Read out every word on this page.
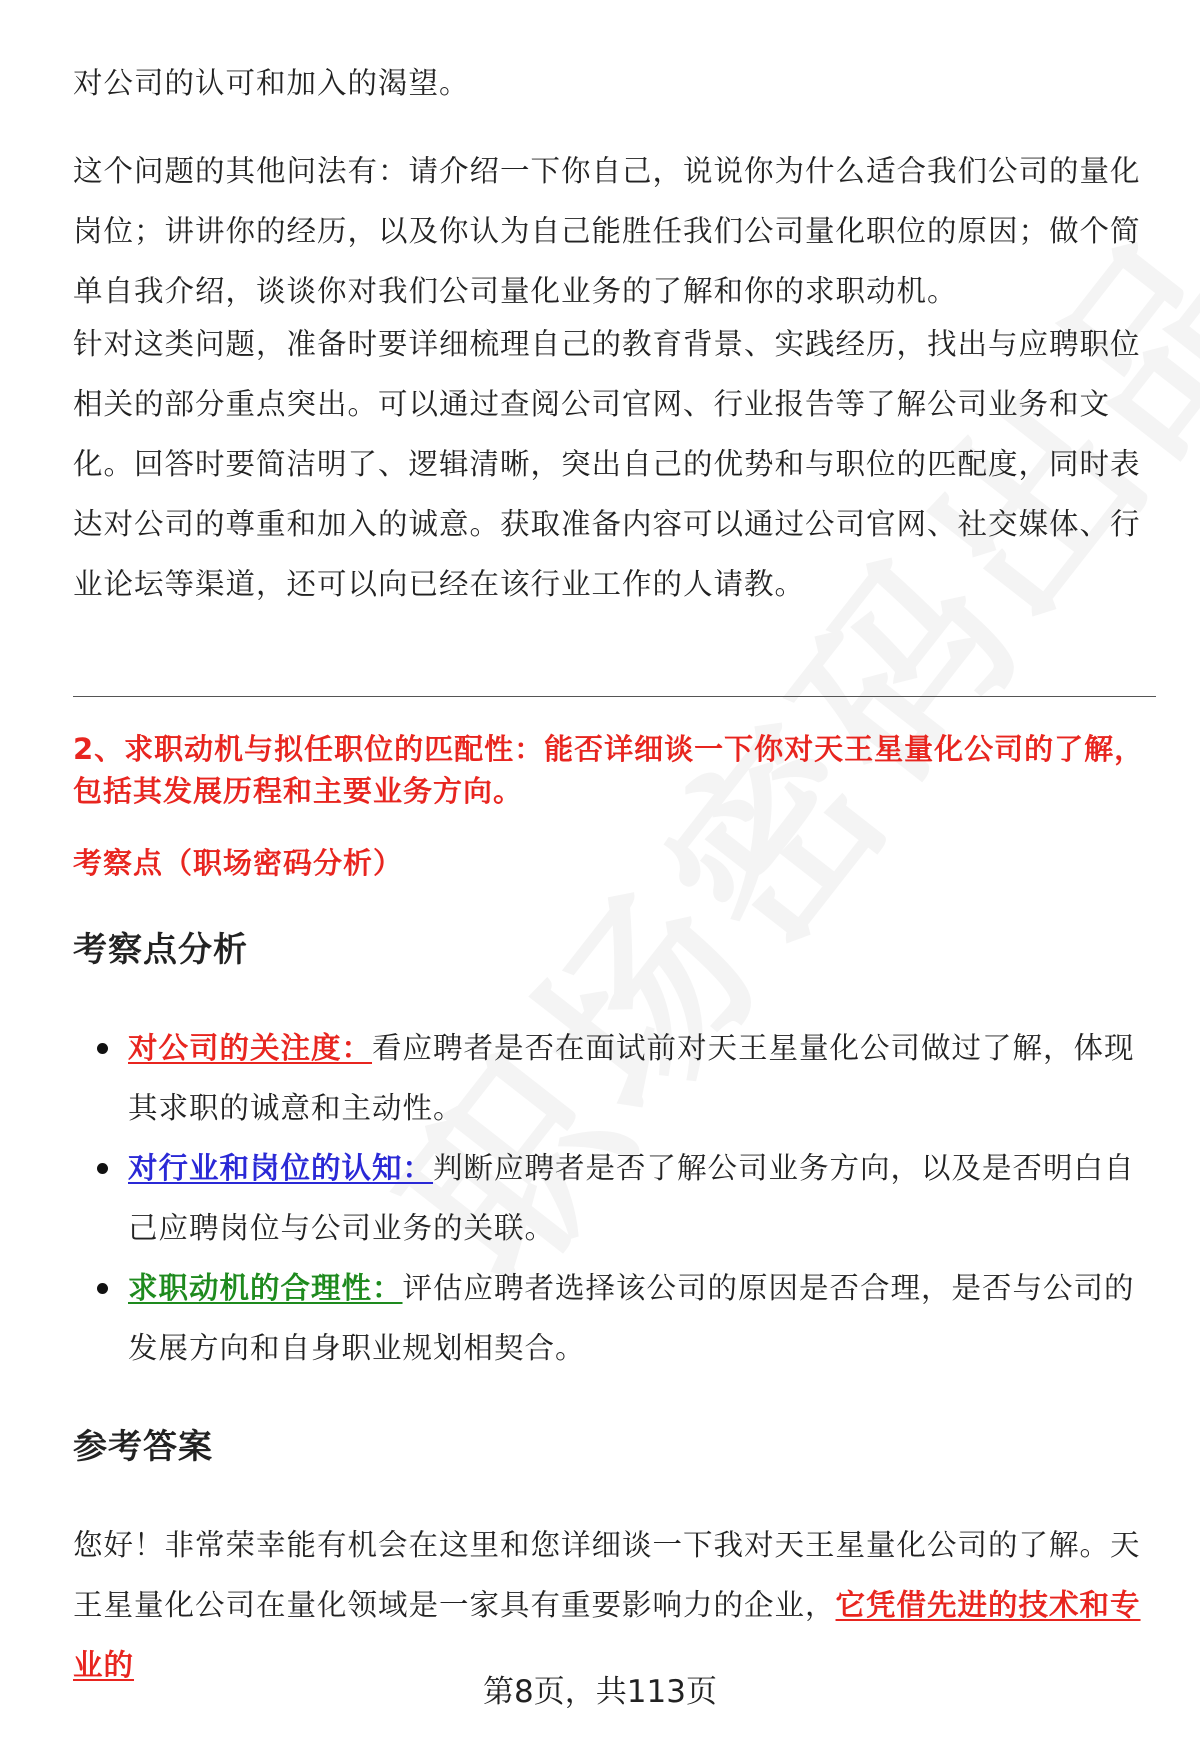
对公司的认可和加入的渴望。

这个问题的其他问法有：请介绍一下你自己，说说你为什么适合我们公司的量化岗位；讲讲你的经历，以及你认为自己能胜任我们公司量化职位的原因；做个简单自我介绍，谈谈你对我们公司量化业务的了解和你的求职动机。

针对这类问题，准备时要详细梳理自己的教育背景、实践经历，找出与应聘职位相关的部分重点突出。可以通过查阅公司官网、行业报告等了解公司业务和文化。回答时要简洁明了、逻辑清晰，突出自己的优势和与职位的匹配度，同时表达对公司的尊重和加入的诚意。获取准备内容可以通过公司官网、社交媒体、行业论坛等渠道，还可以向已经在该行业工作的人请教。

2、求职动机与拟任职位的匹配性：能否详细谈一下你对天王星量化公司的了解，包括其发展历程和主要业务方向。

考察点（职场密码分析）

考察点分析
对公司的关注度：看应聘者是否在面试前对天王星量化公司做过了解，体现其求职的诚意和主动性。
对行业和岗位的认知：判断应聘者是否了解公司业务方向，以及是否明白自己应聘岗位与公司业务的关联。
求职动机的合理性：评估应聘者选择该公司的原因是否合理，是否与公司的发展方向和自身职业规划相契合。
参考答案

您好！非常荣幸能有机会在这里和您详细谈一下我对天王星量化公司的了解。天王星量化公司在量化领域是一家具有重要影响力的企业，它凭借先进的技术和专业的

第8页，共113页
